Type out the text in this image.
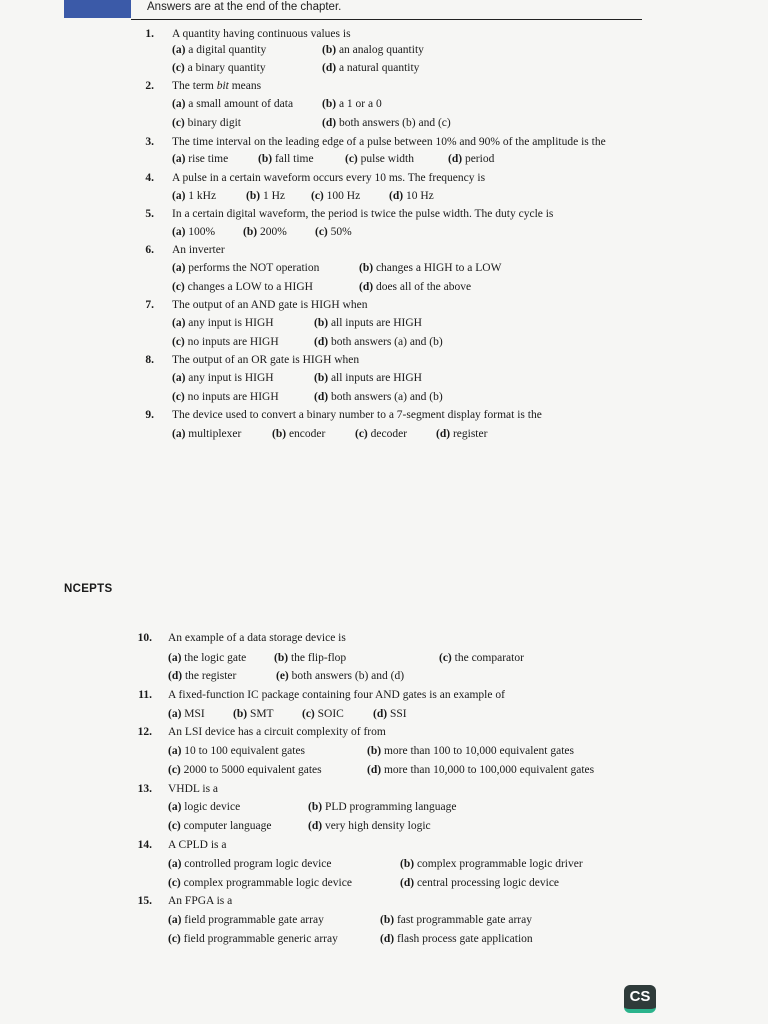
Answers are at the end of the chapter.
NCEPTS
CS
1. A quantity having continuous values is
(a) a digital quantity	(b) an analog quantity
(c) a binary quantity	(d) a natural quantity
2. The term bit means
(a) a small amount of data	(b) a 1 or a 0
(c) binary digit	(d) both answers (b) and (c)
3. The time interval on the leading edge of a pulse between 10% and 90% of the amplitude is the
(a) rise time	(b) fall time	(c) pulse width	(d) period
4. A pulse in a certain waveform occurs every 10 ms. The frequency is
(a) 1 kHz	(b) 1 Hz (c) 100 Hz	(d) 10 Hz
5. In a certain digital waveform, the period is twice the pulse width. The duty cycle is
(a) 100% (b) 200% (c) 50%
6. An inverter
(a) performs the NOT operation	(b) changes a HIGH to a LOW
(c) changes a LOW to a HIGH	(d) does all of the above
7. The output of an AND gate is HIGH when
(a) any input is HIGH	(b) all inputs are HIGH
(c) no inputs are HIGH	(d) both answers (a) and (b)
8. The output of an OR gate is HIGH when
(a) any input is HIGH	(b) all inputs are HIGH
(c) no inputs are HIGH	(d) both answers (a) and (b)
9. The device used to convert a binary number to a 7-segment display format is the
(a) multiplexer	(b) encoder	(c) decoder	(d) register
10. An example of a data storage device is
(a) the logic gate (b) the flip-flop	(c) the comparator
(d) the register	(e) both answers (b) and (d)
11. A fixed-function IC package containing four AND gates is an example of
(a) MSI (b) SMT (c) SOIC	(d) SSI
12. An LSI device has a circuit complexity of from
(a) 10 to 100 equivalent gates	(b) more than 100 to 10,000 equivalent gates
(c) 2000 to 5000 equivalent gates	(d) more than 10,000 to 100,000 equivalent gates
13. VHDL is a
(a) logic device	(b) PLD programming language
(c) computer language	(d) very high density logic
14. A CPLD is a
(a) controlled program logic device	(b) complex programmable logic driver
(c) complex programmable logic device	(d) central processing logic device
15. An FPGA is a
(a) field programmable gate array	(b) fast programmable gate array
(c) field programmable generic array	(d) flash process gate application
